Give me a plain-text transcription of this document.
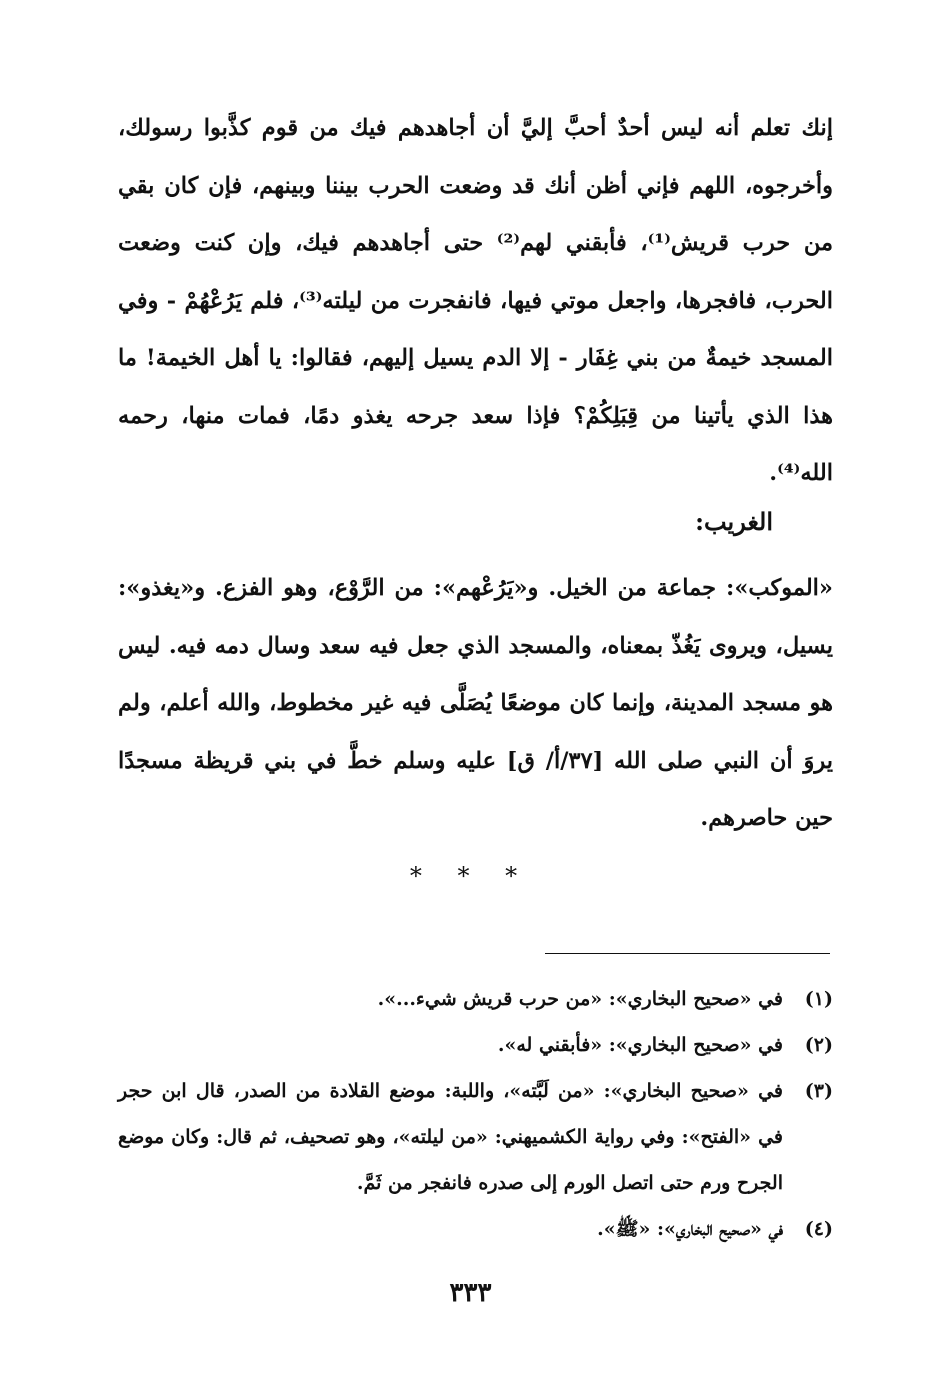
إنك تعلم أنه ليس أحدٌ أحبَّ إليَّ أن أجاهدهم فيك من قوم كذَّبوا رسولك، وأخرجوه، اللهم فإني أظن أنك قد وضعت الحرب بيننا وبينهم، فإن كان بقي من حرب قريش⁽¹⁾، فأبقني لهم⁽²⁾ حتى أجاهدهم فيك، وإن كنت وضعت الحرب، فافجرها، واجعل موتي فيها، فانفجرت من ليلته⁽³⁾، فلم يَرُعْهُمْ - وفي المسجد خيمةٌ من بني غِفَار - إلا الدم يسيل إليهم، فقالوا: يا أهل الخيمة! ما هذا الذي يأتينا من قِبَلِكُمْ؟ فإذا سعد جرحه يغذو دمًا، فمات منها، رحمه الله⁽⁴⁾.

الغريب:

«الموكب»: جماعة من الخيل. و«يَرُعْهم»: من الرَّوْع، وهو الفزع. و«يغذو»: يسيل، ويروى يَغُذّ بمعناه، والمسجد الذي جعل فيه سعد وسال دمه فيه. ليس هو مسجد المدينة، وإنما كان موضعًا يُصَلَّى فيه غير مخطوط، والله أعلم، ولم يروَ أن النبي صلى الله [٣٧/أ/ ق] عليه وسلم خطَّ في بني قريظة مسجدًا حين حاصرهم.

* * *
(١)
في «صحيح البخاري»: «من حرب قريش شيء...».
(٢)
في «صحيح البخاري»: «فأبقني له».
(٣)
في «صحيح البخاري»: «من لَبَّته»، واللبة: موضع القلادة من الصدر، قال ابن حجر في «الفتح»: وفي رواية الكشميهني: «من ليلته»، وهو تصحيف، ثم قال: وكان موضع الجرح ورم حتى اتصل الورم إلى صدره فانفجر من ثَمَّ.
(٤)
في «صحيح البخاري»: «ﷺ».
٣٣٣
